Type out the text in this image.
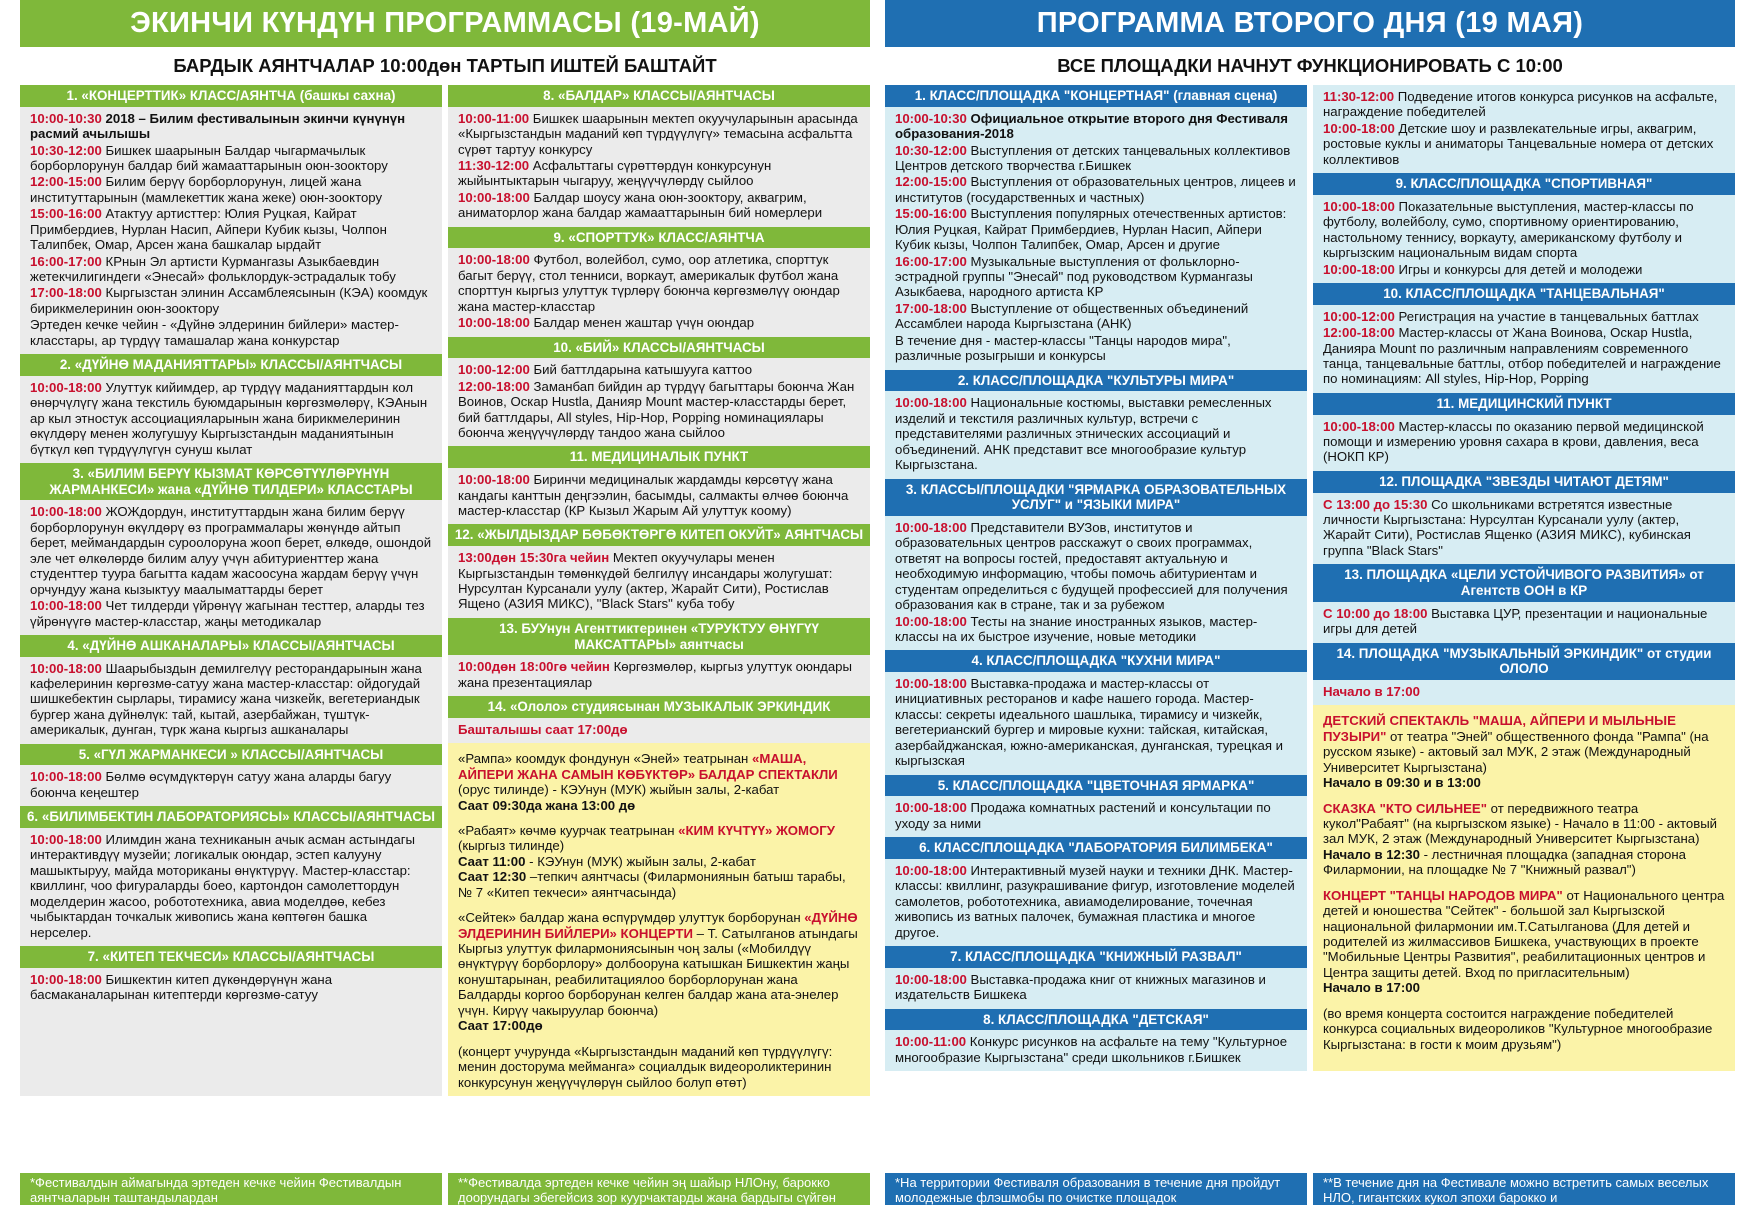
ЭКИНЧИ КҮНДҮН ПРОГРАММАСЫ (19-МАЙ)
БАРДЫК АЯНТЧАЛАР 10:00дөн ТАРТЫП ИШТЕЙ БАШТАЙТ
1. «КОНЦЕРТТИК» КЛАСС/АЯНТЧА (башкы сахна)

10:00-10:30 2018 – Билим фестивалынын экинчи күнүнүн расмий ачылышы

10:30-12:00 Бишкек шаарынын Балдар чыгармачылык борборлорунун балдар бий жамааттарынын оюн-зооктору

12:00-15:00 Билим берүү борборлорунун, лицей жана институттарынын (мамлекеттик жана жеке) оюн-зооктору

15:00-16:00 Атактуу артисттер: Юлия Руцкая, Кайрат Примбердиев, Нурлан Насип, Айпери Кубик кызы, Чолпон Талипбек, Омар, Арсен жана башкалар ырдайт

16:00-17:00 КРнын Эл артисти Курмангазы Азыкбаевдин жетекчилигиндеги «Энесай» фольклордук-эстрадалык тобу

17:00-18:00 Кыргызстан элинин Ассамблеясынын (КЭА) коомдук бирикмелеринин оюн-зооктору

Эртеден кечке чейин - «Дүйнө элдеринин бийлери» мастер-класстары, ар түрдүү тамашалар жана конкурстар

2. «ДҮЙНӨ МАДАНИЯТТАРЫ» КЛАССЫ/АЯНТЧАСЫ

10:00-18:00 Улуттук кийимдер, ар түрдүү маданияттардын кол өнөрчүлүгү жана текстиль буюмдарынын көргөзмөлөрү, КЭАнын ар кыл этностук ассоциацияларынын жана бирикмелеринин өкүлдөрү менен жолугушуу Кыргызстандын маданиятынын бүткүл көп түрдүүлүгүн сунуш кылат

3. «БИЛИМ БЕРҮҮ КЫЗМАТ КӨРСӨТҮҮЛӨРҮНҮН ЖАРМАНКЕСИ» жана «ДҮЙНӨ ТИЛДЕРИ» КЛАССТАРЫ

10:00-18:00 ЖОЖдордун, институттардын жана билим берүү борборлорунун өкүлдөрү өз программалары жөнүндө айтып берет, меймандардын суроолоруна жооп берет, өлкөдө, ошондой эле чет өлкөлөрдө билим алуу үчүн абитуриенттер жана студенттер туура багытта кадам жасоосуна жардам берүү үчүн орчундуу жана кызыктуу маалыматтарды берет

10:00-18:00 Чет тилдерди үйрөнүү жагынан тесттер, аларды тез үйрөнүүгө мастер-класстар, жаңы методикалар

4. «ДҮЙНӨ АШКАНАЛАРЫ» КЛАССЫ/АЯНТЧАСЫ

10:00-18:00 Шаарыбыздын демилгелүү ресторандарынын жана кафелеринин көргөзмө-сатуу жана мастер-класстар: ойдогудай шишкебектин сырлары, тирамису жана чизкейк, вегетериандык бургер жана дүйнөлүк: тай, кытай, азербайжан, түштүк-америкалык, дунган, түрк жана кыргыз ашканалары

5. «ГҮЛ ЖАРМАНКЕСИ » КЛАССЫ/АЯНТЧАСЫ

10:00-18:00 Бөлмө өсүмдүктөрүн сатуу жана аларды багуу боюнча кеңештер

6. «БИЛИМБЕКТИН ЛАБОРАТОРИЯСЫ» КЛАССЫ/АЯНТЧАСЫ

10:00-18:00 Илимдин жана техниканын ачык асман астындагы интерактивдүү музейи; логикалык оюндар, эстеп калууну машыктыруу, майда моториканы өнүктүрүү. Мастер-класстар: квиллинг, чоо фигураларды боео, картондон самолеттордун моделдерин жасоо, робототехника, авиа моделдөө, кебез чыбыктардан точкалык живопись жана көптөгөн башка нерселер.

7. «КИТЕП ТЕКЧЕСИ» КЛАССЫ/АЯНТЧАСЫ

10:00-18:00 Бишкектин китеп дүкөндөрүнүн жана басмаканаларынан китептерди көргөзмө-сатуу

8. «БАЛДАР» КЛАССЫ/АЯНТЧАСЫ

10:00-11:00 Бишкек шаарынын мектеп окуучуларынын арасында «Кыргызстандын маданий көп түрдүүлүгү» темасына асфальтта сүрөт тартуу конкурсу

11:30-12:00 Асфальттагы сүрөттөрдүн конкурсунун жыйынтыктарын чыгаруу, жеңүүчүлөрдү сыйлоо

10:00-18:00 Балдар шоусу жана оюн-зооктору, аквагрим, аниматорлор жана балдар жамааттарынын бий номерлери

9. «СПОРТТУК» КЛАСС/АЯНТЧА

10:00-18:00 Футбол, волейбол, сумо, оор атлетика, спорттук багыт берүү, стол тенниси, воркаут, америкалык футбол жана спорттун кыргыз улуттук түрлөрү боюнча көргөзмөлүү оюндар жана мастер-класстар

10:00-18:00 Балдар менен жаштар үчүн оюндар

10. «БИЙ» КЛАССЫ/АЯНТЧАСЫ

10:00-12:00 Бий баттлдарына катышууга каттоо

12:00-18:00 Заманбап бийдин ар түрдүү багыттары боюнча Жан Воинов, Оскар Hustla, Данияр Mount мастер-класстарды берет, бий баттлдары, All styles, Hip-Hop, Popping номинациялары боюнча жеңүүчүлөрдү тандоо жана сыйлоо

11. МЕДИЦИНАЛЫК ПУНКТ

10:00-18:00 Биринчи медициналык жардамды көрсөтүү жана кандагы канттын деңгээлин, басымды, салмакты өлчөө боюнча мастер-класстар (КР Кызыл Жарым Ай улуттук коому)

12. «ЖЫЛДЫЗДАР БӨБӨКТӨРГӨ КИТЕП ОКУЙТ» АЯНТЧАСЫ

13:00дөн 15:30га чейин Мектеп окуучулары менен Кыргызстандын төмөнкүдөй белгилүү инсандары жолугушат: Нурсултан Курсанали уулу (актер, Жарайт Сити), Ростислав Ящено (АЗИЯ МИКС), "Black Stars" куба тобу

13. БУУнун Агенттиктеринен «ТУРУКТУУ ӨНҮГҮҮ МАКСАТТАРЫ» аянтчасы

10:00дөн 18:00гө чейин Көргөзмөлөр, кыргыз улуттук оюндары жана презентациялар

14. «Ололо» студиясынан МУЗЫКАЛЫК ЭРКИНДИК

Башталышы саат 17:00дө

«Рампа» коомдук фондунун «Эней» театрынан «МАША, АЙПЕРИ ЖАНА САМЫН КӨБҮКТӨР» БАЛДАР СПЕКТАКЛИ (орус тилинде) - КЭУнун (МУК) жыйын залы, 2-кабат

Саат 09:30да жана 13:00 дө

«Рабаят» көчмө куурчак театрынан «КИМ КҮЧТҮҮ» ЖОМОГУ (кыргыз тилинде)

Саат 11:00 - КЭУнун (МУК) жыйын залы, 2-кабат

Саат 12:30 –тепкич аянтчасы (Филармониянын батыш тарабы, № 7 «Китеп текчеси» аянтчасында)

«Сейтек» балдар жана өспүрүмдөр улуттук борборунан «ДҮЙНӨ ЭЛДЕРИНИН БИЙЛЕРИ» КОНЦЕРТИ – Т. Сатылганов атындагы Кыргыз улуттук филармониясынын чоң залы («Мобилдүү өнүктүрүү борборлору» долбооруна катышкан Бишкектин жаңы конуштарынан, реабилитациялоо борборлорунан жана Балдарды коргоо борборунан келген балдар жана ата-энелер үчүн. Кирүү чакыруулар боюнча)

Саат 17:00дө

(концерт учурунда «Кыргызстандын маданий көп түрдүүлүгү: менин досторума мейманга» социалдык видеороликтеринин конкурсунун жеңүүчүлөрүн сыйлоо болуп өтөт)

*Фестивалдын аймагында эртеден кечке чейин Фестивалдын аянтчаларын таштандылардан
**Фестивалда эртеден кечке чейин эң шайыр НЛОну, барокко доорундагы эбегейсиз зор куурчактарды жана бардыгы сүйгөн
ПРОГРАММА ВТОРОГО ДНЯ (19 МАЯ)
ВСЕ ПЛОЩАДКИ НАЧНУТ ФУНКЦИОНИРОВАТЬ С 10:00
1. КЛАСС/ПЛОЩАДКА "КОНЦЕРТНАЯ" (главная сцена)

10:00-10:30 Официальное открытие второго дня Фестиваля образования-2018

10:30-12:00 Выступления от детских танцевальных коллективов Центров детского творчества г.Бишкек

12:00-15:00 Выступления от образовательных центров, лицеев и институтов (государственных и частных)

15:00-16:00 Выступления популярных отечественных артистов: Юлия Руцкая, Кайрат Примбердиев, Нурлан Насип, Айпери Кубик кызы, Чолпон Талипбек, Омар, Арсен и другие

16:00-17:00 Музыкальные выступления от фольклорно-эстрадной группы "Энесай" под руководством Курмангазы Азыкбаева, народного артиста КР

17:00-18:00 Выступление от общественных объединений Ассамблеи народа Кыргызстана (АНК)

В течение дня - мастер-классы "Танцы народов мира", различные розыгрыши и конкурсы

2. КЛАСС/ПЛОЩАДКА "КУЛЬТУРЫ МИРА"

10:00-18:00 Национальные костюмы, выставки ремесленных изделий и текстиля различных культур, встречи с представителями различных этнических ассоциаций и объединений. АНК представит все многообразие культур Кыргызстана.

3. КЛАССЫ/ПЛОЩАДКИ "ЯРМАРКА ОБРАЗОВАТЕЛЬНЫХ УСЛУГ" и "ЯЗЫКИ МИРА"

10:00-18:00 Представители ВУЗов, институтов и образовательных центров расскажут о своих программах, ответят на вопросы гостей, предоставят актуальную и необходимую информацию, чтобы помочь абитуриентам и студентам определиться с будущей профессией для получения образования как в стране, так и за рубежом

10:00-18:00 Тесты на знание иностранных языков, мастер-классы на их быстрое изучение, новые методики

4. КЛАСС/ПЛОЩАДКА "КУХНИ МИРА"

10:00-18:00 Выставка-продажа и мастер-классы от инициативных ресторанов и кафе нашего города. Мастер-классы: секреты идеального шашлыка, тирамису и чизкейк, вегетерианский бургер и мировые кухни: тайская, китайская, азербайджанская, южно-американская, дунганская, турецкая и кыргызская

5. КЛАСС/ПЛОЩАДКА "ЦВЕТОЧНАЯ ЯРМАРКА"

10:00-18:00 Продажа комнатных растений и консультации по уходу за ними

6. КЛАСС/ПЛОЩАДКА "ЛАБОРАТОРИЯ БИЛИМБЕКА"

10:00-18:00 Интерактивный музей науки и техники ДНК. Мастер-классы: квиллинг, разукрашивание фигур, изготовление моделей самолетов, робототехника, авиамоделирование, точечная живопись из ватных палочек, бумажная пластика и многое другое.

7. КЛАСС/ПЛОЩАДКА "КНИЖНЫЙ РАЗВАЛ"

10:00-18:00 Выставка-продажа книг от книжных магазинов и издательств Бишкека

8. КЛАСС/ПЛОЩАДКА "ДЕТСКАЯ"

10:00-11:00 Конкурс рисунков на асфальте на тему "Культурное многообразие Кыргызстана" среди школьников г.Бишкек

11:30-12:00 Подведение итогов конкурса рисунков на асфальте, награждение победителей

10:00-18:00 Детские шоу и развлекательные игры, аквагрим, ростовые куклы и аниматоры Танцевальные номера от детских коллективов

9. КЛАСС/ПЛОЩАДКА "СПОРТИВНАЯ"

10:00-18:00 Показательные выступления, мастер-классы по футболу, волейболу, сумо, спортивному ориентированию, настольному теннису, воркауту, американскому футболу и кыргызским национальным видам спорта

10:00-18:00 Игры и конкурсы для детей и молодежи

10. КЛАСС/ПЛОЩАДКА "ТАНЦЕВАЛЬНАЯ"

10:00-12:00 Регистрация на участие в танцевальных баттлах

12:00-18:00 Мастер-классы от Жана Воинова, Оскар Hustla, Данияра Mount по различным направлениям современного танца, танцевальные баттлы, отбор победителей и награждение по номинациям: All styles, Hip-Hop, Popping

11. МЕДИЦИНСКИЙ ПУНКТ

10:00-18:00 Мастер-классы по оказанию первой медицинской помощи и измерению уровня сахара в крови, давления, веса (НОКП КР)

12. ПЛОЩАДКА "ЗВЕЗДЫ ЧИТАЮТ ДЕТЯМ"

С 13:00 до 15:30 Со школьниками встретятся известные личности Кыргызстана: Нурсултан Курсанали уулу (актер, Жарайт Сити), Ростислав Ященко (АЗИЯ МИКС), кубинская группа "Black Stars"

13. ПЛОЩАДКА «ЦЕЛИ УСТОЙЧИВОГО РАЗВИТИЯ» от Агентств ООН в КР

С 10:00 до 18:00 Выставка ЦУР, презентации и национальные игры для детей

14. ПЛОЩАДКА "МУЗЫКАЛЬНЫЙ ЭРКИНДИК" от студии ОЛОЛО

Начало в 17:00

ДЕТСКИЙ СПЕКТАКЛЬ "МАША, АЙПЕРИ И МЫЛЬНЫЕ ПУЗЫРИ" от театра "Эней" общественного фонда "Рампа" (на русском языке) - актовый зал МУК, 2 этаж (Международный Университет Кыргызстана)

Начало в 09:30 и в 13:00

СКАЗКА "КТО СИЛЬНЕЕ" от передвижного театра кукол"Рабаят" (на кыргызском языке) - Начало в 11:00 - актовый зал МУК, 2 этаж (Международный Университет Кыргызстана)

Начало в 12:30 - лестничная площадка (западная сторона Филармонии, на площадке № 7 "Книжный развал")

КОНЦЕРТ "ТАНЦЫ НАРОДОВ МИРА" от Национального центра детей и юношества "Сейтек" - большой зал Кыргызской национальной филармонии им.Т.Сатылганова (Для детей и родителей из жилмассивов Бишкека, участвующих в проекте "Мобильные Центры Развития", реабилитационных центров и Центра защиты детей. Вход по пригласительным)

Начало в 17:00

(во время концерта состоится награждение победителей конкурса социальных видеороликов "Культурное многообразие Кыргызстана: в гости к моим друзьям")

*На территории Фестиваля образования в течение дня пройдут молодежные флэшмобы по очистке площадок
**В течение дня на Фестивале можно встретить самых веселых НЛО, гигантских кукол эпохи барокко и
